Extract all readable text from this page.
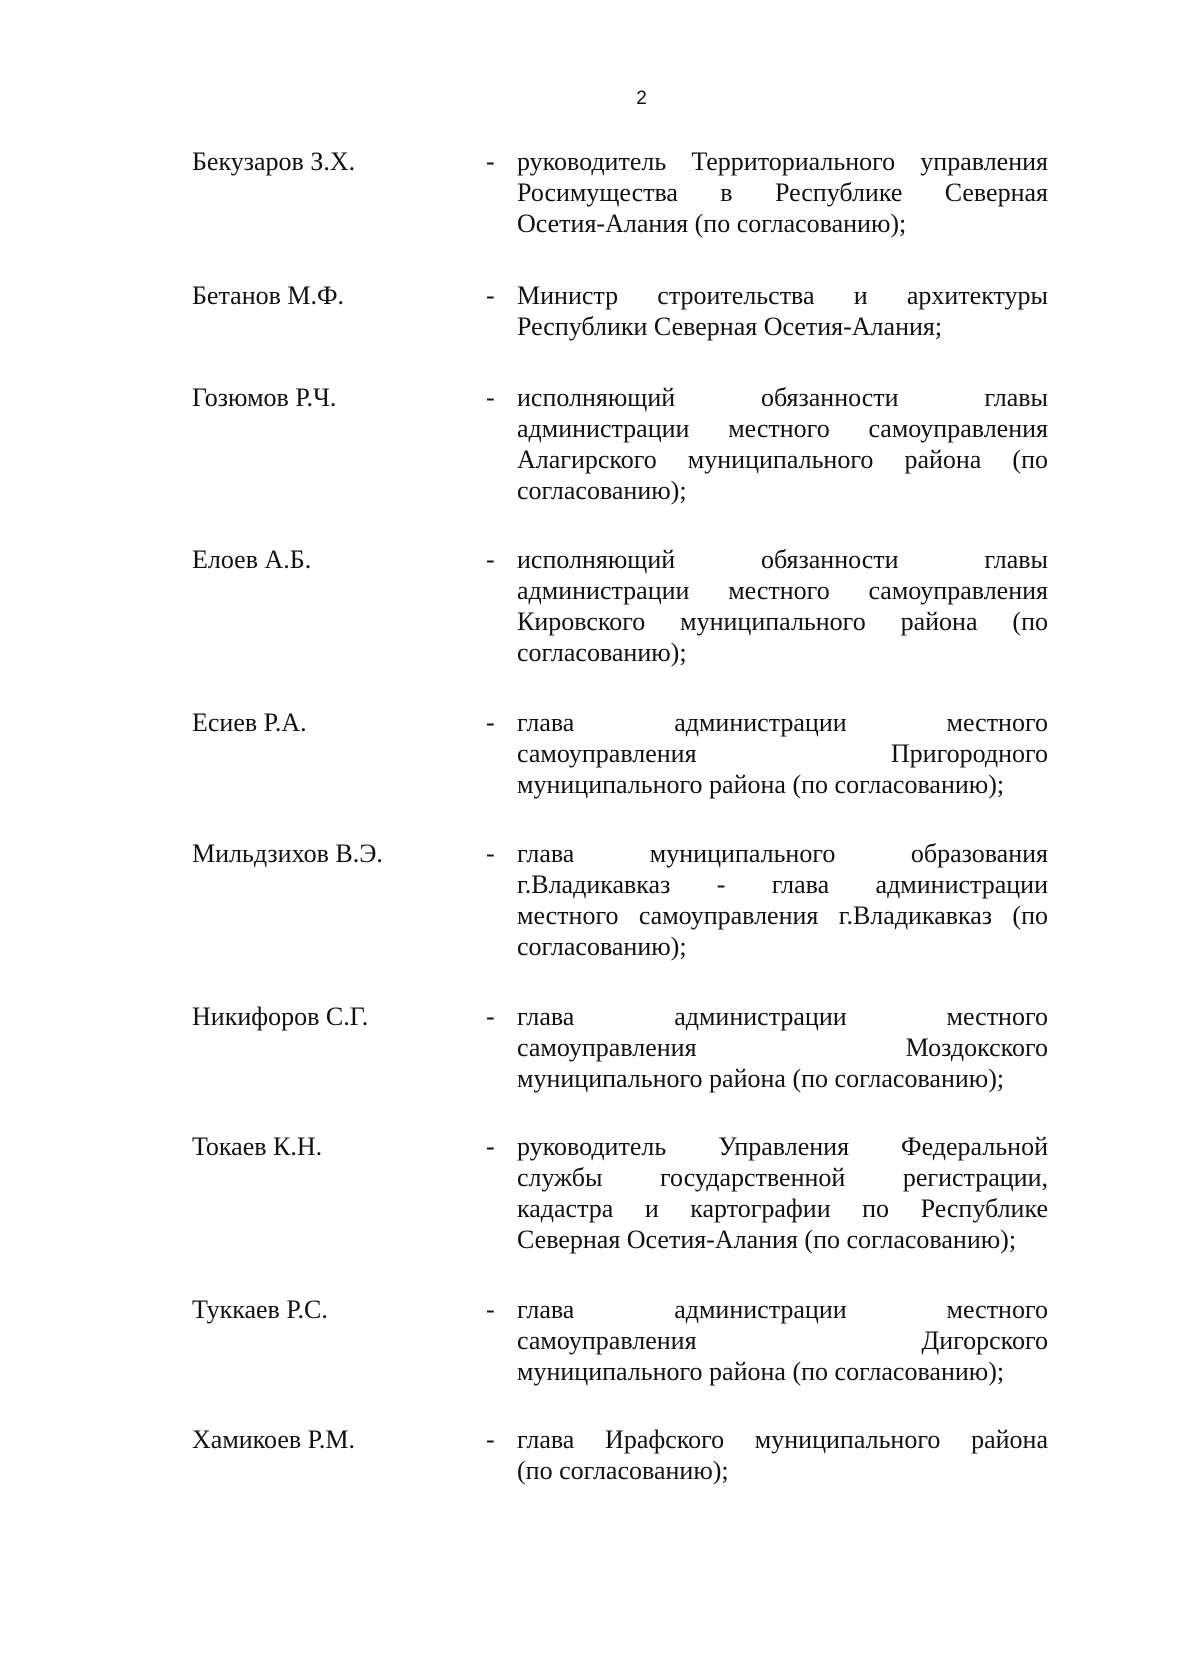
2
Бекузаров З.Х.	- руководитель Территориального управления
Росимущества в Республике Северная
Осетия-Алания (по согласованию);
Бетанов М.Ф.	- Министр строительства и архитектуры
Республики Северная Осетия-Алания;
Гозюмов Р.Ч.	- исполняющий обязанности главы
администрации местного самоуправления
Алагирского муниципального района (по
согласованию);
Елоев А.Б.	- исполняющий обязанности главы
администрации местного самоуправления
Кировского муниципального района (по
согласованию);
Есиев Р.А.	- глава администрации местного
самоуправления Пригородного
муниципального района (по согласованию);
Мильдзихов В.Э.	- глава муниципального образования
г.Владикавказ - глава администрации
местного самоуправления г.Владикавказ (по
согласованию);
Никифоров С.Г.	- глава администрации местного
самоуправления Моздокского
муниципального района (по согласованию);
Токаев К.Н.	- руководитель Управления Федеральной
службы государственной регистрации,
кадастра и картографии по Республике
Северная Осетия-Алания (по согласованию);
Туккаев Р.С.	- глава администрации местного
самоуправления Дигорского
муниципального района (по согласованию);
Хамикоев Р.М.	- глава Ирафского муниципального района
(по согласованию);
